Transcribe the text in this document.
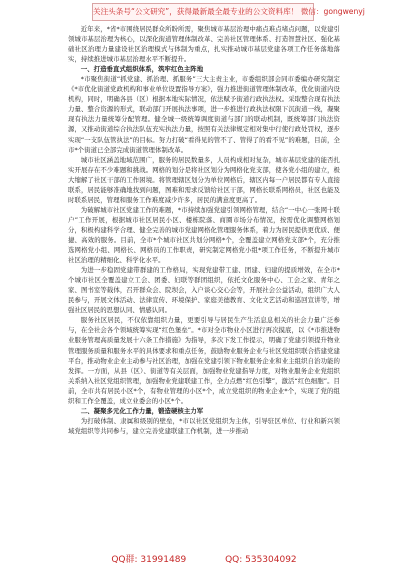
关注头条号“公文研究”，获得最新最全最专业的公文资料库！ 微信：gongwenyj

近年来，*省*市围绕居民群众所盼所需，聚焦城市基层治理中痛点难点堵点问题，以党建引领城市基层治理为核心，以深化街道管理体制改革、完善社区管理体系、打造智慧社区、强化基础社区治理力量建设社区治理模式与体制为重点，扎实推动城市基层党建各项工作任务落地落实，持续推进城市基层治理水平不断提升。

一、打造垂直式组织体系，筑牢红色主阵地

*市聚焦街道“抓党建、抓治理、抓服务”三大主责主业，市委组织部会同市委编办研究制定《*市优化街道党政机构和事业单位设置指导方案》，强力推进街道管理体制改革，优化街道内设机构，同时，明确各县（区）根据本地实际情况，依法赋予街道行政执法权。采取整合现有执法力量、整合资源的形式，联动部门开展执法事项，进一步推进行政执法权限下沉街道一线，凝聚现有执法力量统筹分配管理。健全城一级统筹调度街道与部门的联动机制，既统筹部门执法资源，又推动街道综合执法队伍充实执法力量，按照有关法律规定相对集中行使行政处罚权，逐步实现“一支队伍管执法”的目标。努力打破“看得见的管不了、管得了的看不见”的难题，目前，全市*个街道已全部完成街道管理体制改革。

城市社区涵盖地域范围广，服务的居民数量多，人员构成相对复杂，城市基层党建的能否扎实开展存在不少难题和挑战。网格的划分是将社区划分为网格化党支部，使各党小组的建立，极大缩解了社区干部的工作困境。将管理辖区划分为单位网格后，辖区内每一户居民都有专人直接联系，居民能够准确地找到问题，图难和需求反馈给社区干部，网格长联系网格员，社区也能及时联系居民，管理和服务工作难度减少许多，居民的满意度更高了。

为破解城市社区党建工作的难题，*市持续加强党建引领网格管理，结合“一中心一张网十联户”工作开展，根据城市社区居民小区、楼栋院落、商圈市场分布情况，按需优化调整网格划分，积极构建科学合理、健全完善的城市党建网格化管理服务体系，着力为居民提供更优质、便捷、高效的服务。目前，全市*个城市社区共划分网格*个，全覆盖建立网格党支部*个，充分推选网格党小组、网格长、网格员的工作职责，研究制定网格党小组*项工作任务，不断提升城市社区治理的精细化、科学化水平。

为进一步稳固党建带群建的工作格局，实现党建带工建、团建、妇建的提质增效，在全市*个城市社区全覆盖建立工会、团委、妇联等群团组织，依托文化服务中心、工会之家、青年之家、图书室等载体，召开群众会、院坝会，入户谈心交心会等，开展社会公益活动，组织广大人民参与，开展文体活动、法律宣传、环境保护、家庭美德教育、文化文艺活动和巡回宣讲等，增强社区居民的思想认同、情感认同。

服务社区居民，不仅依靠组织力量，更要引导与居民生产生活息息相关的社会力量广泛参与，在全社会各个领域统筹实现“红色堡垒”。*市对全市物业小区进行再次摸底，以《*市推进物业服务管理高质量发展十六条工作措施》为指导，多次下发工作提示，明确了党建引领提升物业管理服务质量和服务水平的具体要求和重点任务，鼓励物业服务企业与社区党组织联合搭建党建平台，推动物业企业主动参与社区治理，加强在党建引领下物业服务企业和业主组织自治功能的发挥。一方面，从县（区）、街道等有关层面，加强物业党建指导力度，对物业服务企业党组织关系纳入社区党组织管理，加强物业党建联建工作，全力点燃“红色引擎”，激活“红色细胞”。目前，全市共有居民小区*个，有物业管理的小区*个，成立党组织的物业企业*个，实现了党的组织和工作全覆盖，成立业委会的小区*个。

二、凝聚多元化工作力量，锻造硬核主力军

为打破体制、隶属和级别的壁垒，*市以社区党组织为主体，引导驻区单位、行业和新兴领域党组织等共同参与，建立完善党建联建工作机制，进一步推动

QQ群: 31991489	QQ: 535304092
